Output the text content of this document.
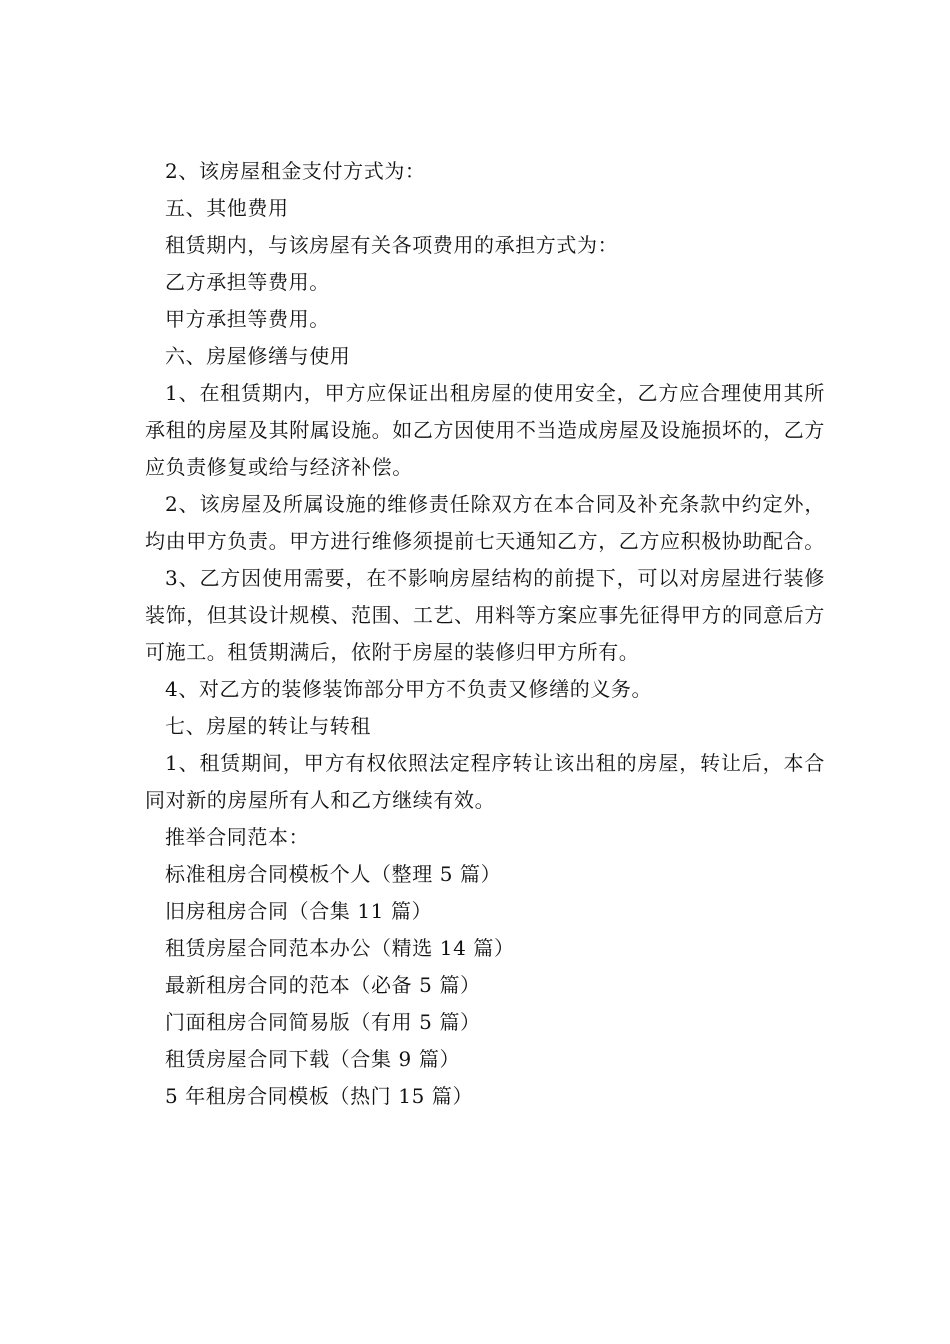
2、该房屋租金支付方式为：

五、其他费用

租赁期内，与该房屋有关各项费用的承担方式为：

乙方承担等费用。

甲方承担等费用。

六、房屋修缮与使用

1、在租赁期内，甲方应保证出租房屋的使用安全，乙方应合理使用其所承租的房屋及其附属设施。如乙方因使用不当造成房屋及设施损坏的，乙方应负责修复或给与经济补偿。

2、该房屋及所属设施的维修责任除双方在本合同及补充条款中约定外，均由甲方负责。甲方进行维修须提前七天通知乙方，乙方应积极协助配合。

3、乙方因使用需要，在不影响房屋结构的前提下，可以对房屋进行装修装饰，但其设计规模、范围、工艺、用料等方案应事先征得甲方的同意后方可施工。租赁期满后，依附于房屋的装修归甲方所有。

4、对乙方的装修装饰部分甲方不负责又修缮的义务。

七、房屋的转让与转租

1、租赁期间，甲方有权依照法定程序转让该出租的房屋，转让后，本合同对新的房屋所有人和乙方继续有效。

推举合同范本：

标准租房合同模板个人（整理 5 篇）

旧房租房合同（合集 11 篇）

租赁房屋合同范本办公（精选 14 篇）

最新租房合同的范本（必备 5 篇）

门面租房合同简易版（有用 5 篇）

租赁房屋合同下载（合集 9 篇）

5 年租房合同模板（热门 15 篇）
